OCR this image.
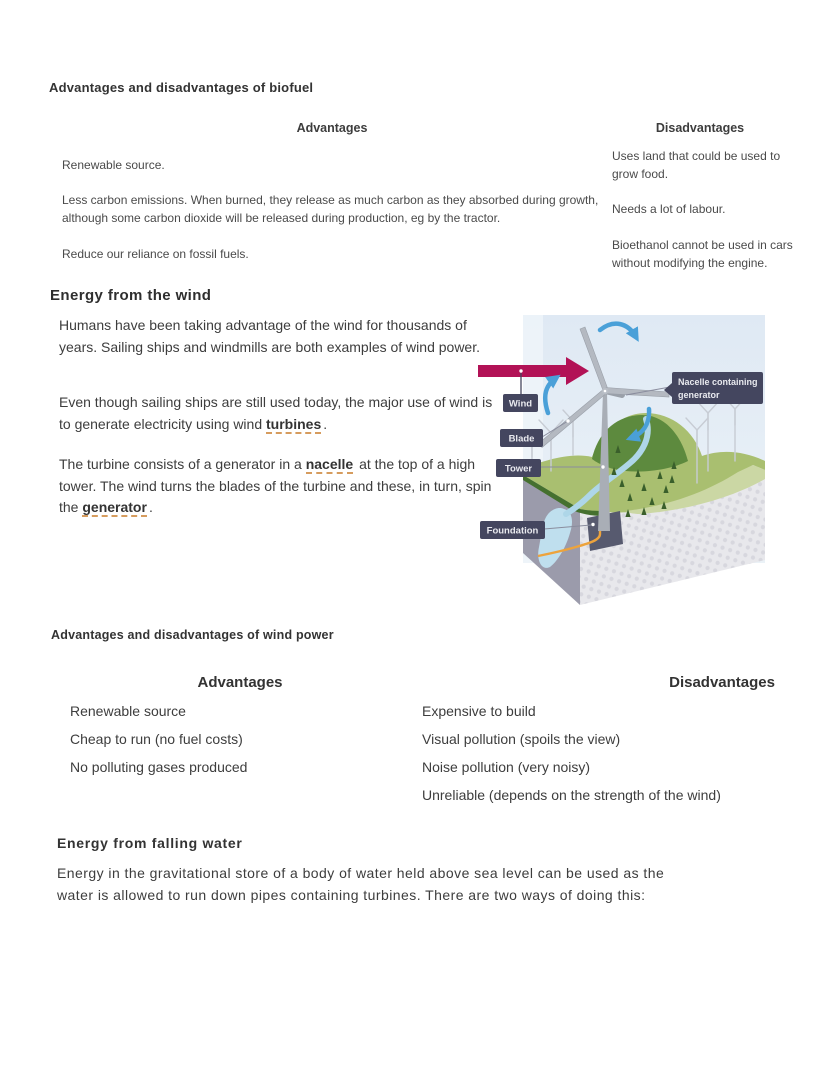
Advantages and disadvantages of biofuel
Advantages	Disadvantages
Renewable source.
Less carbon emissions. When burned, they release as much carbon as they absorbed during growth, although some carbon dioxide will be released during production, eg by the tractor.
Reduce our reliance on fossil fuels.
Uses land that could be used to grow food.
Needs a lot of labour.
Bioethanol cannot be used in cars without modifying the engine.
Energy from the wind

Humans have been taking advantage of the wind for thousands of years. Sailing ships and windmills are both examples of wind power.

Even though sailing ships are still used today, the major use of wind is to generate electricity using wind turbines .

The turbine consists of a generator in a nacelle at the top of a high tower. The wind turns the blades of the turbine and these, in turn, spin the generator .

Wind
Blade
Tower
Foundation
Nacelle containing
generator
Advantages and disadvantages of wind power
Advantages	Disadvantages
Renewable source
Cheap to run (no fuel costs)
No polluting gases produced
Expensive to build
Visual pollution (spoils the view)
Noise pollution (very noisy)
Unreliable (depends on the strength of the wind)
Energy from falling water

Energy in the gravitational store of a body of water held above sea level can be used as the water is allowed to run down pipes containing turbines. There are two ways of doing this:
